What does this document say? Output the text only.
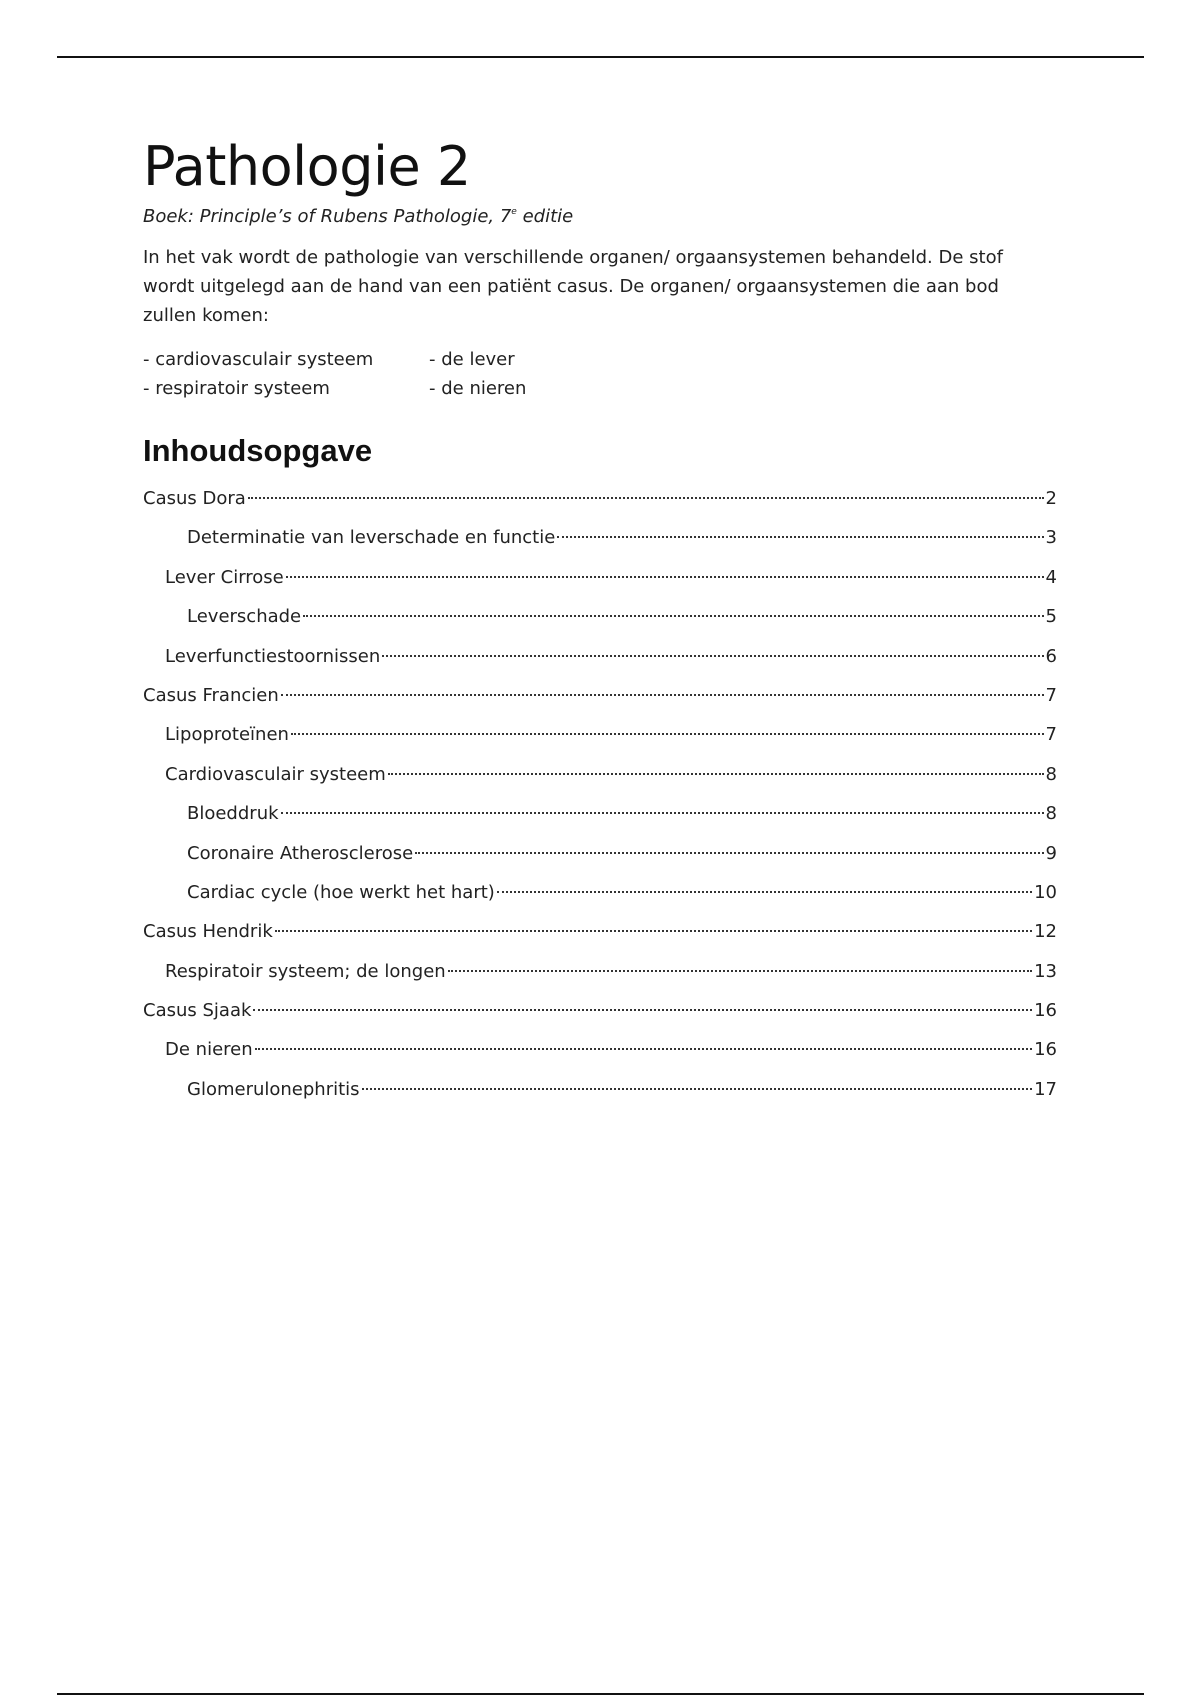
Pathologie 2
Boek: Principle’s of Rubens Pathologie, 7e editie
In het vak wordt de pathologie van verschillende organen/ orgaansystemen behandeld. De stof wordt uitgelegd aan de hand van een patiënt casus. De organen/ orgaansystemen die aan bod zullen komen:
- cardiovasculair systeem	- de lever
- respiratoir systeem	- de nieren
Inhoudsopgave
Casus Dora	2
Determinatie van leverschade en functie	3
Lever Cirrose	4
Leverschade	5
Leverfunctiestoornissen	6
Casus Francien	7
Lipoproteïnen	7
Cardiovasculair systeem	8
Bloeddruk	8
Coronaire Atherosclerose	9
Cardiac cycle (hoe werkt het hart)	10
Casus Hendrik	12
Respiratoir systeem; de longen	13
Casus Sjaak	16
De nieren	16
Glomerulonephritis	17
